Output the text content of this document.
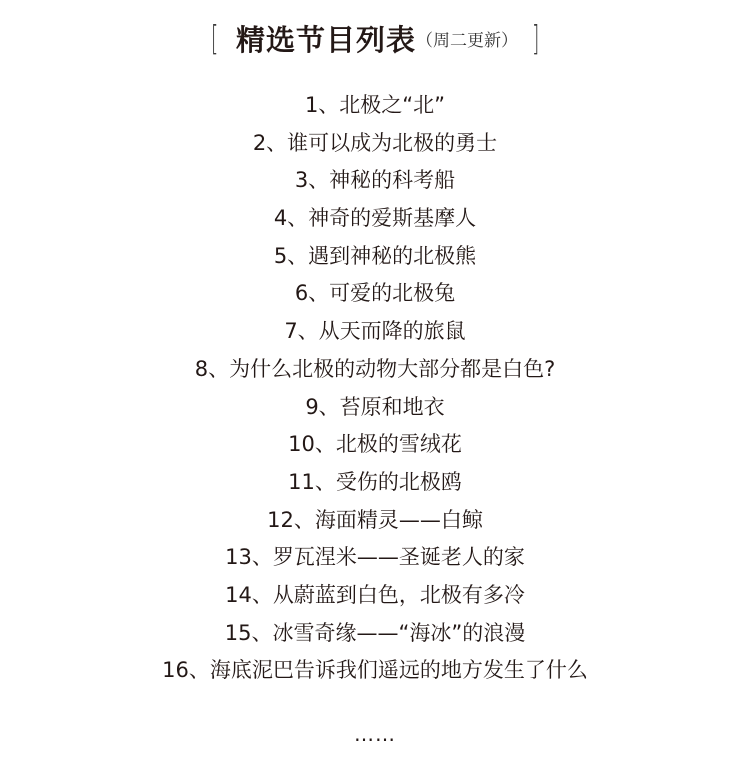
[ 精选节目列表（周二更新） ]
1、北极之“北”
2、谁可以成为北极的勇士
3、神秘的科考船
4、神奇的爱斯基摩人
5、遇到神秘的北极熊
6、可爱的北极兔
7、从天而降的旅鼠
8、为什么北极的动物大部分都是白色?
9、苔原和地衣
10、北极的雪绒花
11、受伤的北极鸥
12、海面精灵——白鲸
13、罗瓦涅米——圣诞老人的家
14、从蔚蓝到白色，北极有多冷
15、冰雪奇缘——“海冰”的浪漫
16、海底泥巴告诉我们遥远的地方发生了什么
……
